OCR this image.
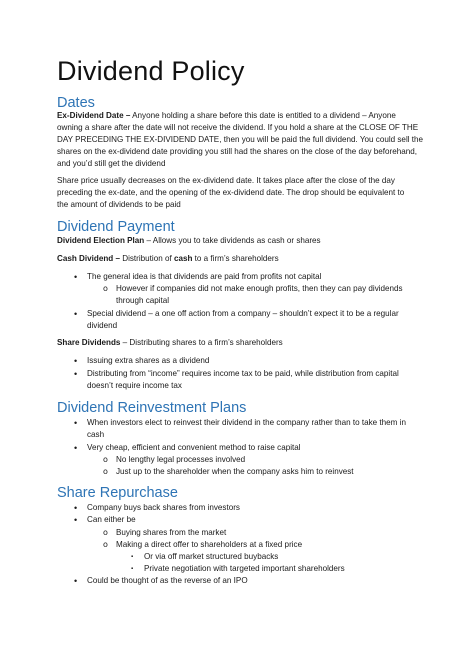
Dividend Policy
Dates
Ex-Dividend Date – Anyone holding a share before this date is entitled to a dividend – Anyone
owning a share after the date will not receive the dividend. If you hold a share at the CLOSE OF THE
DAY PRECEDING THE EX-DIVIDEND DATE, then you will be paid the full dividend. You could sell the
shares on the ex-dividend date providing you still had the shares on the close of the day beforehand,
and you’d still get the dividend
Share price usually decreases on the ex-dividend date. It takes place after the close of the day
preceding the ex-date, and the opening of the ex-dividend date. The drop should be equivalent to
the amount of dividends to be paid
Dividend Payment
Dividend Election Plan – Allows you to take dividends as cash or shares
Cash Dividend – Distribution of cash to a firm’s shareholders
• The general idea is that dividends are paid from profits not capital
o However if companies did not make enough profits, then they can pay dividends
through capital
• Special dividend – a one off action from a company – shouldn’t expect it to be a regular
dividend
Share Dividends – Distributing shares to a firm’s shareholders
• Issuing extra shares as a dividend
• Distributing from “income” requires income tax to be paid, while distribution from capital
doesn’t require income tax
Dividend Reinvestment Plans
• When investors elect to reinvest their dividend in the company rather than to take them in
cash
• Very cheap, efficient and convenient method to raise capital
o No lengthy legal processes involved
o Just up to the shareholder when the company asks him to reinvest
Share Repurchase
• Company buys back shares from investors
• Can either be
o Buying shares from the market
o Making a direct offer to shareholders at a fixed price
▪ Or via off market structured buybacks
▪ Private negotiation with targeted important shareholders
• Could be thought of as the reverse of an IPO
